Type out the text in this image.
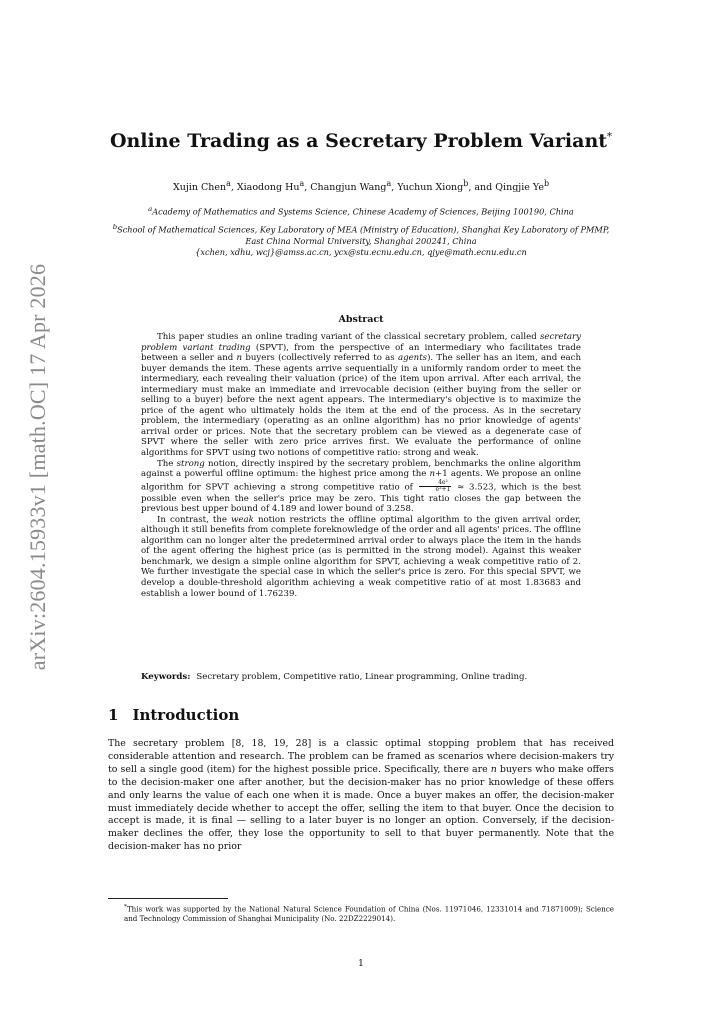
arXiv:2604.15933v1 [math.OC] 17 Apr 2026
Online Trading as a Secretary Problem Variant*
Xujin Chen$^a$, Xiaodong Hu$^a$, Changjun Wang$^a$, Yuchun Xiong$^b$, and Qingjie Ye$^b$
$^a$Academy of Mathematics and Systems Science, Chinese Academy of Sciences, Beijing 100190, China
$^b$School of Mathematical Sciences, Key Laboratory of MEA (Ministry of Education), Shanghai Key Laboratory of PMMP, East China Normal University, Shanghai 200241, China
{xchen, xdhu, wcj}@amss.ac.cn, ycx@stu.ecnu.edu.cn, qjye@math.ecnu.edu.cn
Abstract

This paper studies an online trading variant of the classical secretary problem, called secretary problem variant trading (SPVT), from the perspective of an intermediary who facilitates trade between a seller and n buyers (collectively referred to as agents). The seller has an item, and each buyer demands the item. These agents arrive sequentially in a uniformly random order to meet the intermediary, each revealing their valuation (price) of the item upon arrival. After each arrival, the intermediary must make an immediate and irrevocable decision (either buying from the seller or selling to a buyer) before the next agent appears. The intermediary's objective is to maximize the price of the agent who ultimately holds the item at the end of the process. As in the secretary problem, the intermediary (operating as an online algorithm) has no prior knowledge of agents' arrival order or prices. Note that the secretary problem can be viewed as a degenerate case of SPVT where the seller with zero price arrives first. We evaluate the performance of online algorithms for SPVT using two notions of competitive ratio: strong and weak.

The strong notion, directly inspired by the secretary problem, benchmarks the online algorithm against a powerful offline optimum: the highest price among the n+1 agents. We propose an online algorithm for SPVT achieving a strong competitive ratio of $\frac{\text{4e²}}{\text{e²+1}} \approx 3.523$, which is the best possible even when the seller's price may be zero. This tight ratio closes the gap between the previous best upper bound of 4.189 and lower bound of 3.258.

In contrast, the weak notion restricts the offline optimal algorithm to the given arrival order, although it still benefits from complete foreknowledge of the order and all agents' prices. The offline algorithm can no longer alter the predetermined arrival order to always place the item in the hands of the agent offering the highest price (as is permitted in the strong model). Against this weaker benchmark, we design a simple online algorithm for SPVT, achieving a weak competitive ratio of 2. We further investigate the special case in which the seller's price is zero. For this special SPVT, we develop a double-threshold algorithm achieving a weak competitive ratio of at most 1.83683 and establish a lower bound of 1.76239.

Keywords: Secretary problem, Competitive ratio, Linear programming, Online trading.
1 Introduction

The secretary problem [8, 18, 19, 28] is a classic optimal stopping problem that has received considerable attention and research. The problem can be framed as scenarios where decision-makers try to sell a single good (item) for the highest possible price. Specifically, there are n buyers who make offers to the decision-maker one after another, but the decision-maker has no prior knowledge of these offers and only learns the value of each one when it is made. Once a buyer makes an offer, the decision-maker must immediately decide whether to accept the offer, selling the item to that buyer. Once the decision to accept is made, it is final — selling to a later buyer is no longer an option. Conversely, if the decision-maker declines the offer, they lose the opportunity to sell to that buyer permanently. Note that the decision-maker has no prior

*This work was supported by the National Natural Science Foundation of China (Nos. 11971046, 12331014 and 71871009); Science and Technology Commission of Shanghai Municipality (No. 22DZ2229014).
1
